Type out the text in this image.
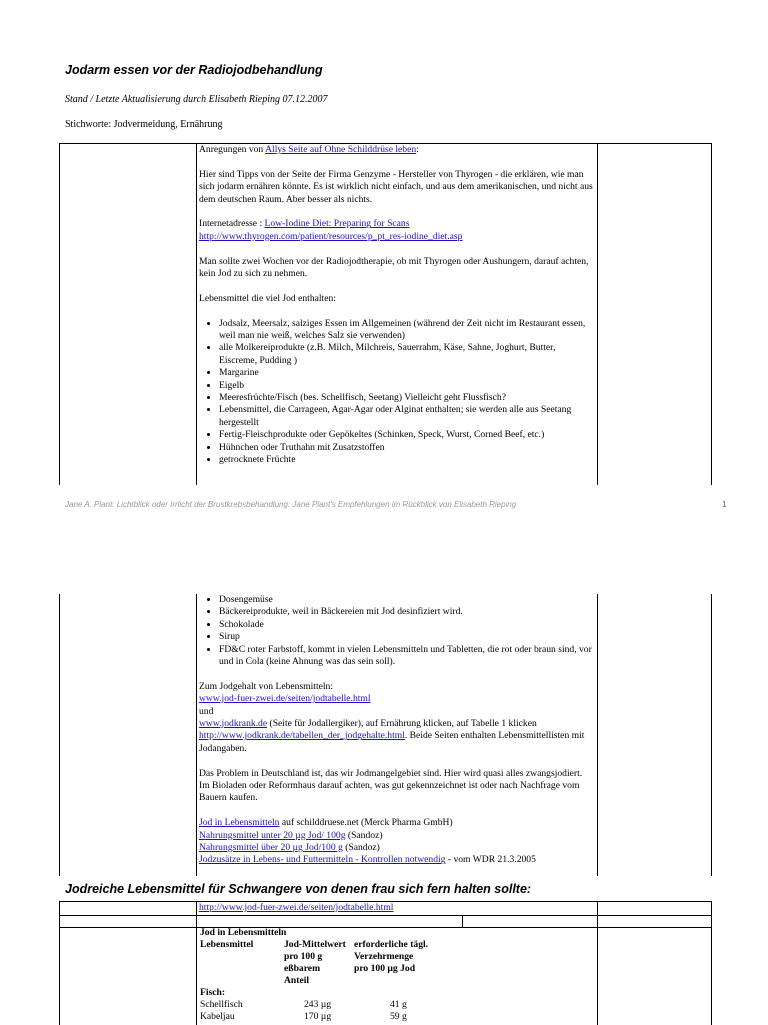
Jodarm essen vor der Radiojodbehandlung
Stand / Letzte Aktualisierung durch Elisabeth Rieping 07.12.2007
Stichworte: Jodvermeidung, Ernährung

Anregungen von Allys Seite auf Ohne Schilddrüse leben:

Hier sind Tipps von der Seite der Firma Genzyme - Hersteller von Thyrogen - die erklären, wie man sich jodarm ernähren könnte. Es ist wirklich nicht einfach, und aus dem amerikanischen, und nicht aus dem deutschen Raum. Aber besser als nichts.

Internetadresse : Low-Iodine Diet: Preparing for Scans
http://www.thyrogen.com/patient/resources/p_pt_res-iodine_diet.asp

Man sollte zwei Wochen vor der Radiojodtherapie, ob mit Thyrogen oder Aushungern, darauf achten, kein Jod zu sich zu nehmen.

Lebensmittel die viel Jod enthalten:

• Jodsalz, Meersalz, salziges Essen im Allgemeinen (während der Zeit nicht im Restaurant essen, weil man nie weiß, welches Salz sie verwenden)
• alle Molkereiprodukte (z.B. Milch, Milchreis, Sauerrahm, Käse, Sahne, Joghurt, Butter, Eiscreme, Pudding )
• Margarine
• Eigelb
• Meeresfrüchte/Fisch (bes. Schellfisch, Seetang) Vielleicht geht Flussfisch?
• Lebensmittel, die Carrageen, Agar-Agar oder Alginat enthalten; sie werden alle aus Seetang hergestellt
• Fertig-Fleischprodukte oder Gepökeltes (Schinken, Speck, Wurst, Corned Beef, etc.)
• Hühnchen oder Truthahn mit Zusatzstoffen
• getrocknete Früchte
Jane A. Plant: Lichtblick oder Irrlicht der Brustkrebsbehandlung: Jane Plant's Empfehlungen im Rückblick von Elisabeth Rieping	1
• Dosengemüse
• Bäckereiprodukte, weil in Bäckereien mit Jod desinfiziert wird.
• Schokolade
• Sirup
• FD&C roter Farbstoff, kommt in vielen Lebensmitteln und Tabletten, die rot oder braun sind, vor und in Cola (keine Ahnung was das sein soll).

Zum Jodgehalt von Lebensmitteln:
www.jod-fuer-zwei.de/seiten/jodtabelle.html
und
www.jodkrank.de (Seite für Jodallergiker), auf Ernährung klicken, auf Tabelle 1 klicken http://www.jodkrank.de/tabellen_der_jodgehalte.html. Beide Seiten enthalten Lebensmittellisten mit Jodangaben.

Das Problem in Deutschland ist, das wir Jodmangelgebiet sind. Hier wird quasi alles zwangsjodiert. Im Bioladen oder Reformhaus darauf achten, was gut gekennzeichnet ist oder nach Nachfrage vom Bauern kaufen.

Jod in Lebensmitteln auf schilddruese.net (Merck Pharma GmbH)
Nahrungsmittel unter 20 µg Jod/ 100g (Sandoz)
Nahrungsmittel über 20 µg Jod/100 g (Sandoz)
Jodzusätze in Lebens- und Futtermitteln - Kontrollen notwendig - vom WDR 21.3.2005

Jodreiche Lebensmittel für Schwangere von denen frau sich fern halten sollte:
http://www.jod-fuer-zwei.de/seiten/jodtabelle.html
Jod in Lebensmitteln
Lebensmittel	Jod-Mittelwert
pro 100 g
eßbarem
Anteil
erforderliche tägl.
Verzehrmenge
pro 100 µg Jod
Fisch:
Schellfisch	243 µg	41 g
Kabeljau	170 µg	59 g
